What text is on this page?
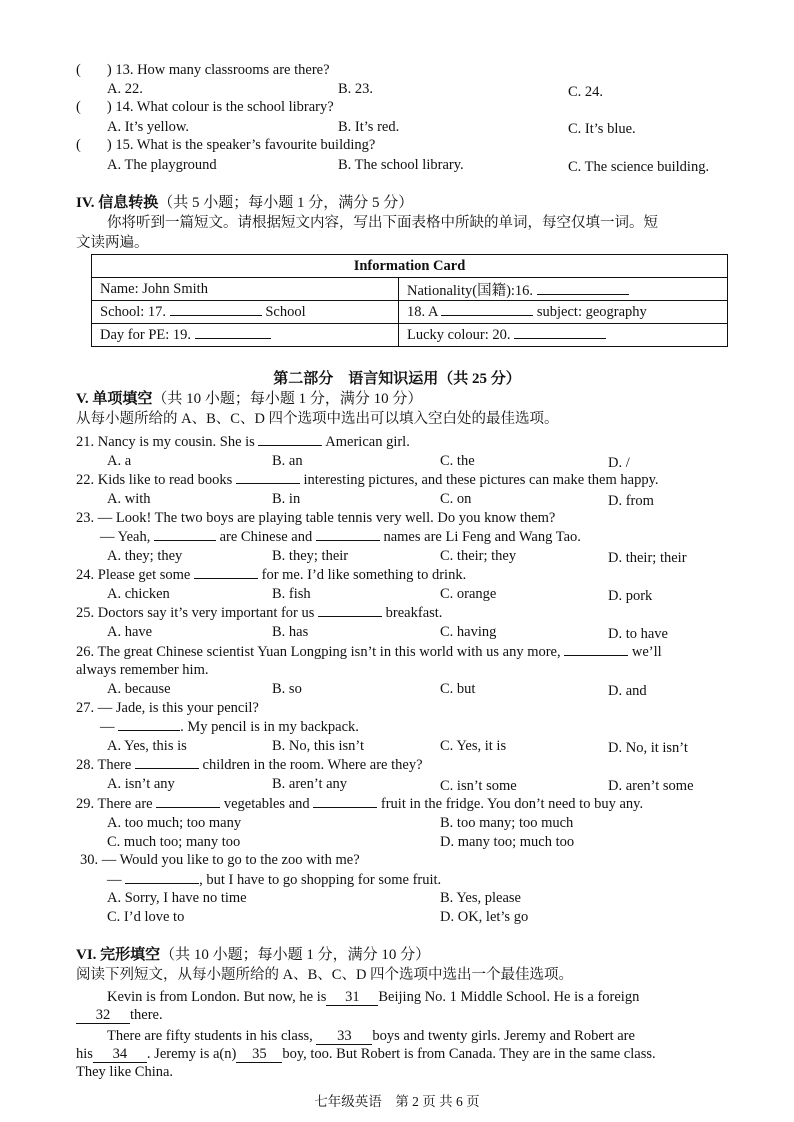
( ) 13. How many classrooms are there?
A. 22.	B. 23.	C. 24.
( ) 14. What colour is the school library?
A. It’s yellow.	B. It’s red.	C. It’s blue.
( ) 15. What is the speaker’s favourite building?
A. The playground	B. The school library.	C. The science building.
IV. 信息转换（共 5 小题；每小题 1 分，满分 5 分）
你将听到一篇短文。请根据短文内容，写出下面表格中所缺的单词，每空仅填一词。短
文读两遍。
Information Card	
Name: John Smith	Nationality(国籍):16.
School: 17. School	18. A subject: geography
Day for PE: 19.	Lucky colour: 20.
第二部分　语言知识运用（共 25 分）
V. 单项填空（共 10 小题；每小题 1 分，满分 10 分）
从每小题所给的 A、B、C、D 四个选项中选出可以填入空白处的最佳选项。
21. Nancy is my cousin. She is	American girl.
A. a	B. an	C. the	D. /
22. Kids like to read books	interesting pictures, and these pictures can make them happy.
A. with	B. in	C. on	D. from
23. — Look! The two boys are playing table tennis very well. Do you know them?
— Yeah,	are Chinese and	names are Li Feng and Wang Tao.
A. they; they	B. they; their	C. their; they	D. their; their
24. Please get some	for me. I’d like something to drink.
A. chicken	B. fish	C. orange	D. pork
25. Doctors say it’s very important for us	breakfast.
A. have	B. has	C. having	D. to have
26. The great Chinese scientist Yuan Longping isn’t in this world with us any more,	we’ll
always remember him.
A. because	B. so	C. but	D. and
27. — Jade, is this your pencil?
—	. My pencil is in my backpack.
A. Yes, this is	B. No, this isn’t	C. Yes, it is	D. No, it isn’t
28. There	children in the room. Where are they?
A. isn’t any	B. aren’t any	C. isn’t some	D. aren’t some
29. There are	vegetables and	fruit in the fridge. You don’t need to buy any.
A. too much; too many	B. too many; too much
C. much too; many too	D. many too; much too
30. — Would you like to go to the zoo with me?
—	, but I have to go shopping for some fruit.
A. Sorry, I have no time	B. Yes, please
C. I’d love to	D. OK, let’s go
VI. 完形填空（共 10 小题；每小题 1 分，满分 10 分）
阅读下列短文，从每小题所给的 A、B、C、D 四个选项中选出一个最佳选项。
Kevin is from London. But now, he is 31 Beijing No. 1 Middle School. He is a foreign
32 there.
There are fifty students in his class, 33 boys and twenty girls. Jeremy and Robert are
his 34 . Jeremy is a(n) 35 boy, too. But Robert is from Canada. They are in the same class.
They like China.
七年级英语　第 2 页 共 6 页
